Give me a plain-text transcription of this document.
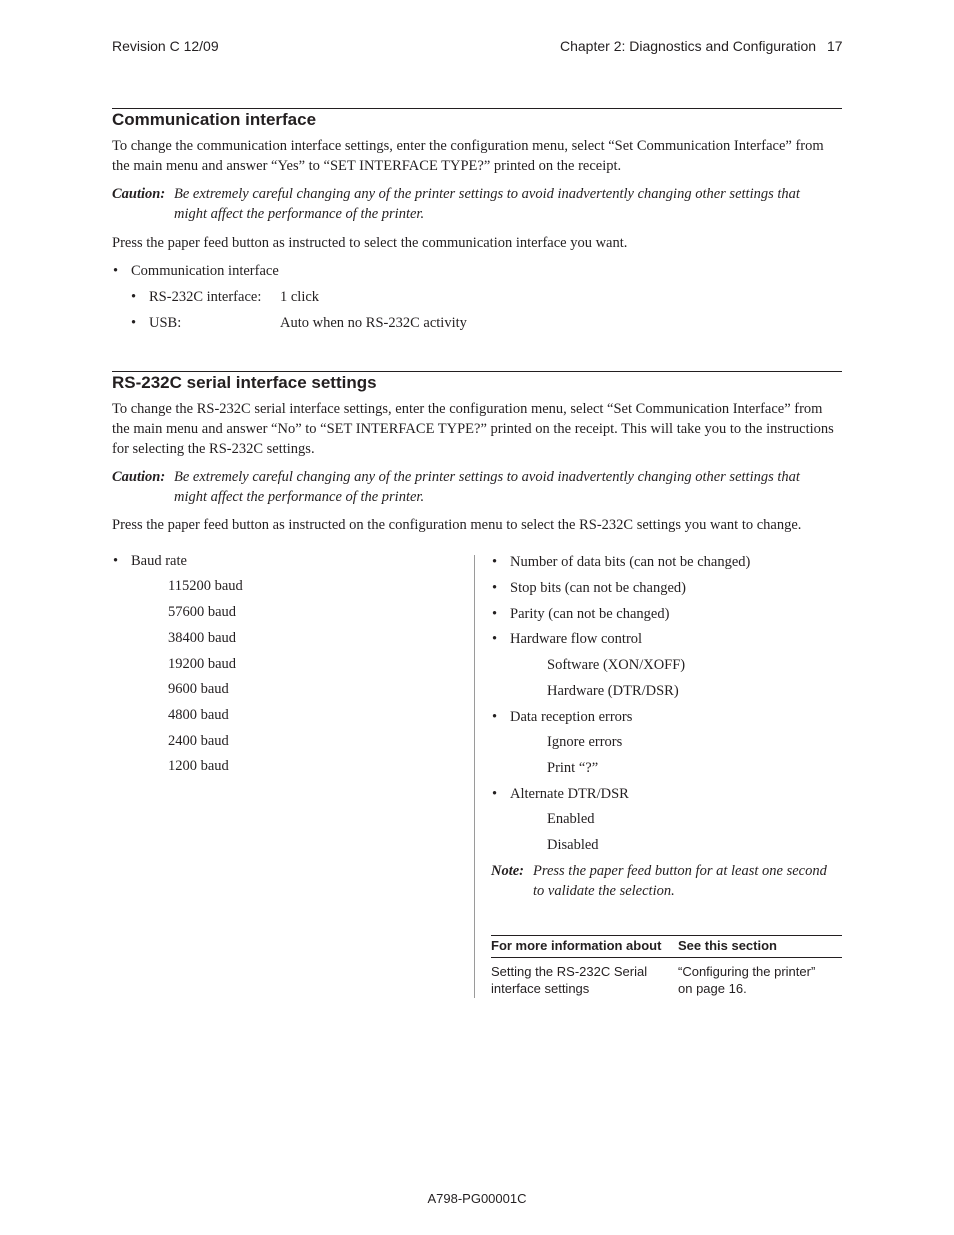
Revision C 12/09	Chapter 2: Diagnostics and Configuration 17
Communication interface
To change the communication interface settings, enter the configuration menu, select “Set Communication Interface” from the main menu and answer “Yes” to “SET INTERFACE TYPE?” printed on the receipt.
Caution: Be extremely careful changing any of the printer settings to avoid inadvertently changing other settings that might affect the performance of the printer.
Press the paper feed button as instructed to select the communication interface you want.
• Communication interface
• RS-232C interface: 1 click
• USB:	Auto when no RS-232C activity
RS-232C serial interface settings
To change the RS-232C serial interface settings, enter the configuration menu, select “Set Communication Interface” from the main menu and answer “No” to “SET INTERFACE TYPE?” printed on the receipt. This will take you to the instructions for selecting the RS-232C settings.
Caution: Be extremely careful changing any of the printer settings to avoid inadvertently changing other settings that might affect the performance of the printer.
Press the paper feed button as instructed on the configuration menu to select the RS-232C settings you want to change.
• Baud rate
115200 baud
57600 baud
38400 baud
19200 baud
9600 baud
4800 baud
2400 baud
1200 baud
• Number of data bits (can not be changed)
• Stop bits (can not be changed)
• Parity (can not be changed)
• Hardware flow control
Software (XON/XOFF)
Hardware (DTR/DSR)
• Data reception errors
Ignore errors
Print “?”
• Alternate DTR/DSR
Enabled
Disabled
Note: Press the paper feed button for at least one second to validate the selection.
For more information about See this section
Setting the RS-232C Serial
interface settings
“Configuring the printer”
on page 16.
A798-PG00001C
